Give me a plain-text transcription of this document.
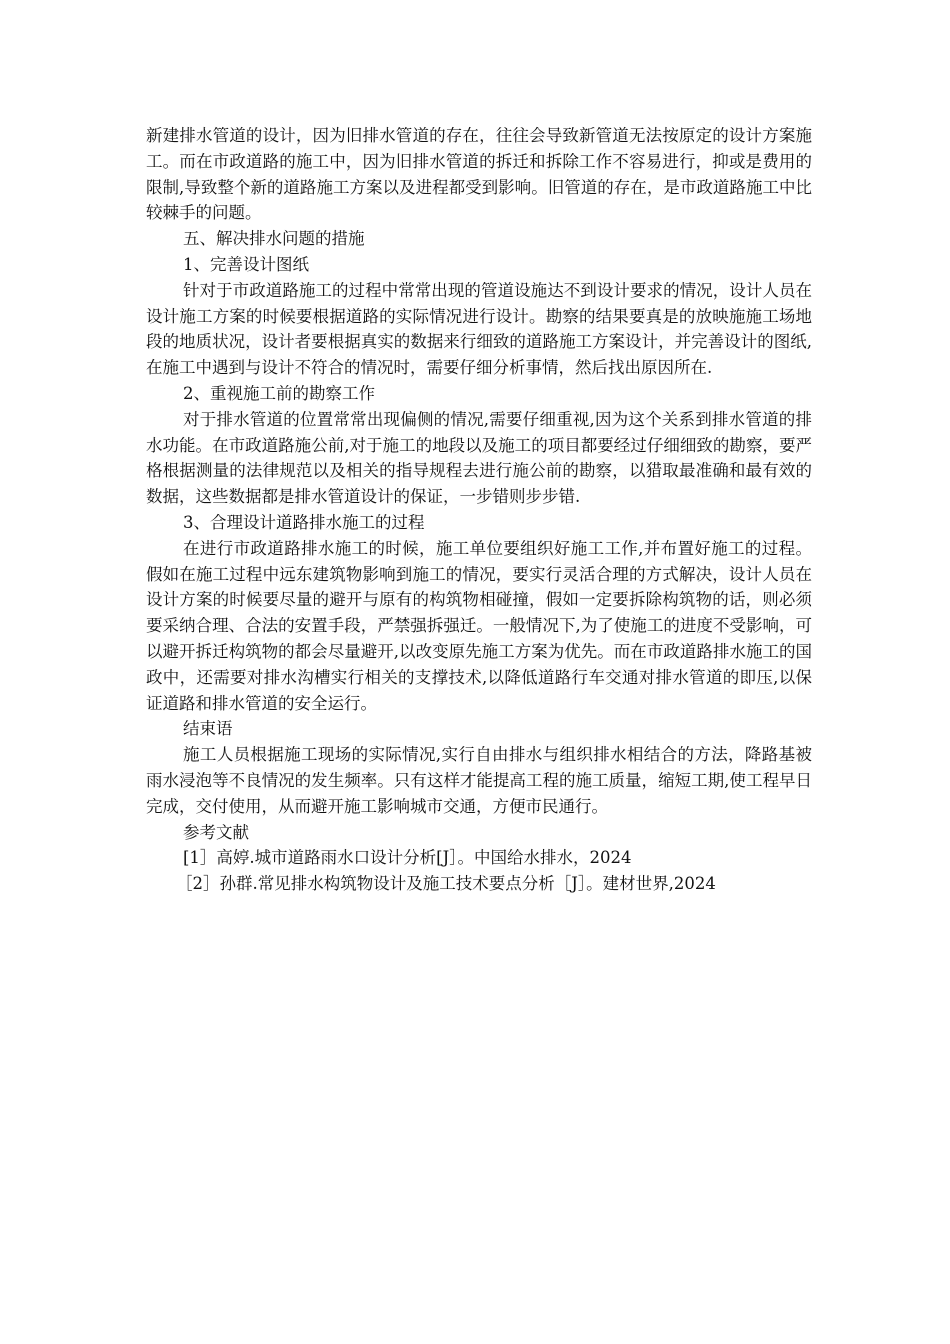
新建排水管道的设计，因为旧排水管道的存在，往往会导致新管道无法按原定的设计方案施工。而在市政道路的施工中，因为旧排水管道的拆迁和拆除工作不容易进行，抑或是费用的限制,导致整个新的道路施工方案以及进程都受到影响。旧管道的存在，是市政道路施工中比较棘手的问题。

五、解决排水问题的措施

1、完善设计图纸

针对于市政道路施工的过程中常常出现的管道设施达不到设计要求的情况，设计人员在设计施工方案的时候要根据道路的实际情况进行设计。勘察的结果要真是的放映施施工场地段的地质状况，设计者要根据真实的数据来行细致的道路施工方案设计，并完善设计的图纸,在施工中遇到与设计不符合的情况时，需要仔细分析事情，然后找出原因所在.

2、重视施工前的勘察工作

对于排水管道的位置常常出现偏侧的情况,需要仔细重视,因为这个关系到排水管道的排水功能。在市政道路施公前,对于施工的地段以及施工的项目都要经过仔细细致的勘察，要严格根据测量的法律规范以及相关的指导规程去进行施公前的勘察，以猎取最准确和最有效的数据，这些数据都是排水管道设计的保证，一步错则步步错.

3、合理设计道路排水施工的过程

在进行市政道路排水施工的时候，施工单位要组织好施工工作,并布置好施工的过程。假如在施工过程中远东建筑物影响到施工的情况，要实行灵活合理的方式解决，设计人员在设计方案的时候要尽量的避开与原有的构筑物相碰撞，假如一定要拆除构筑物的话，则必须要采纳合理、合法的安置手段，严禁强拆强迁。一般情况下,为了使施工的进度不受影响，可以避开拆迁构筑物的都会尽量避开,以改变原先施工方案为优先。而在市政道路排水施工的国政中，还需要对排水沟槽实行相关的支撑技术,以降低道路行车交通对排水管道的即压,以保证道路和排水管道的安全运行。

结束语

施工人员根据施工现场的实际情况,实行自由排水与组织排水相结合的方法，降路基被雨水浸泡等不良情况的发生频率。只有这样才能提高工程的施工质量，缩短工期,使工程早日完成，交付使用，从而避开施工影响城市交通，方便市民通行。

参考文献

[1］高婷.城市道路雨水口设计分析[J］。中国给水排水，2024

［2］孙群.常见排水构筑物设计及施工技术要点分析［J］。建材世界,2024
